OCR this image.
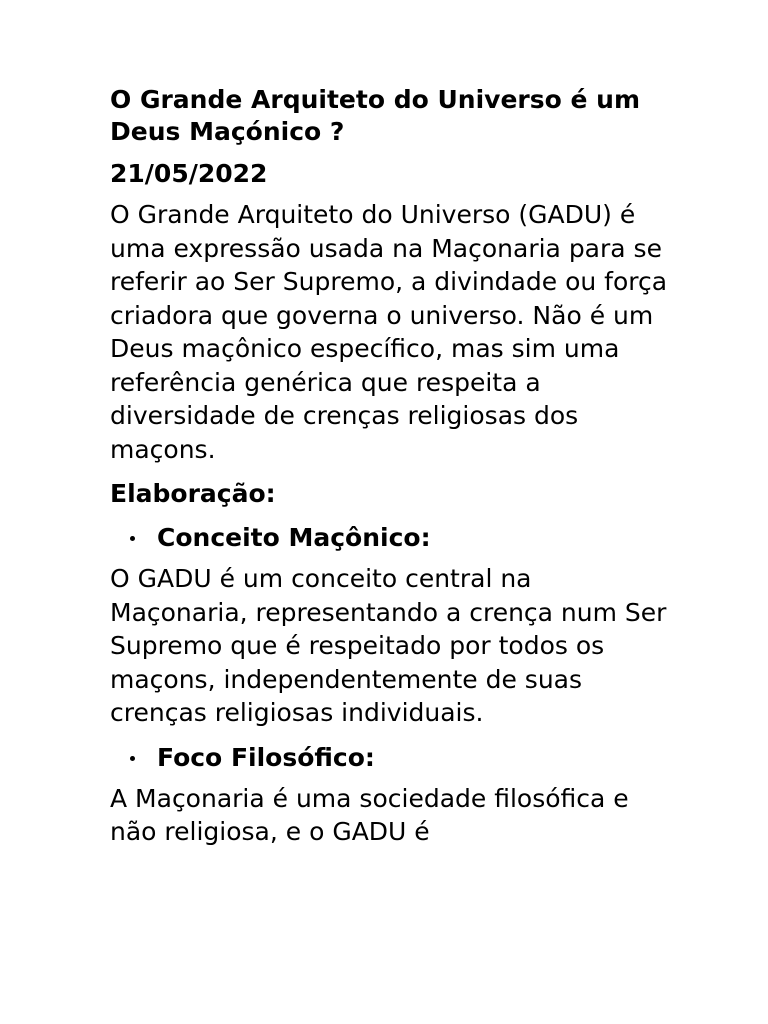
O Grande Arquiteto do Universo é um Deus Maçónico ?
21/05/2022

O Grande Arquiteto do Universo (GADU) é uma expressão usada na Maçonaria para se referir ao Ser Supremo, a divindade ou força criadora que governa o universo. Não é um Deus maçônico específico, mas sim uma referência genérica que respeita a diversidade de crenças religiosas dos maçons.

Elaboração:
Conceito Maçônico:

O GADU é um conceito central na Maçonaria, representando a crença num Ser Supremo que é respeitado por todos os maçons, independentemente de suas crenças religiosas individuais.

Foco Filosófico:

A Maçonaria é uma sociedade filosófica e não religiosa, e o GADU é
